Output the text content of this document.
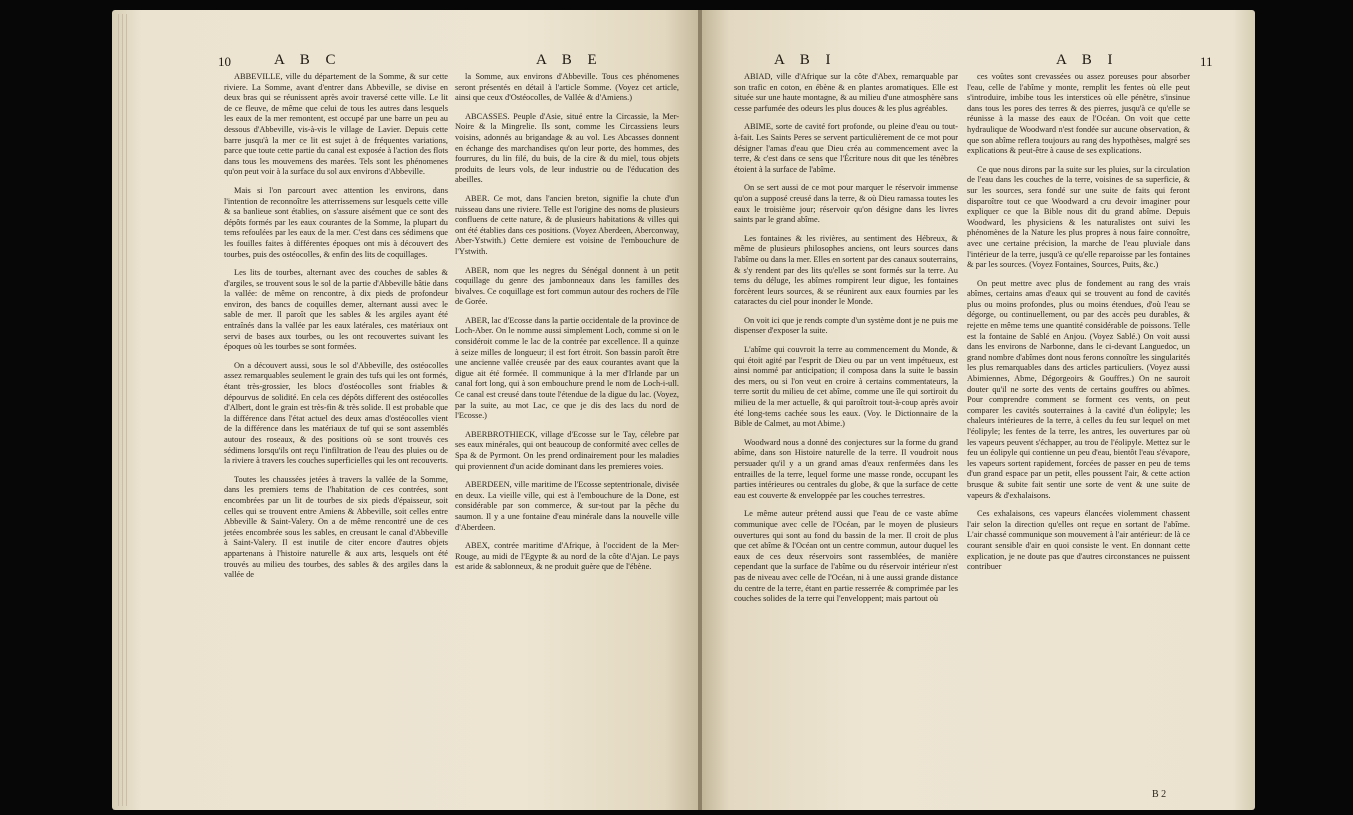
10	A B C	A B E

ABBEVILLE, ville du département de la Somme, & sur cette riviere. La Somme, avant d'entrer dans Abbeville, se divise en deux bras qui se réunissent après avoir traversé cette ville. Le lit de ce fleuve, de même que celui de tous les autres dans lesquels les eaux de la mer remontent, est occupé par une barre un peu au dessous d'Abbeville, vis-à-vis le village de Lavier. Depuis cette barre jusqu'à la mer ce lit est sujet à de fréquentes variations, parce que toute cette partie du canal est exposée à l'action des flots dans tous les mouvemens des marées. Tels sont les phénomenes qu'on peut voir à la surface du sol aux environs d'Abbeville.

Mais si l'on parcourt avec attention les environs, dans l'intention de reconnoître les atterrissemens sur lesquels cette ville & sa banlieue sont établies, on s'assure aisément que ce sont des dépôts formés par les eaux courantes de la Somme, la plupart du tems refoulées par les eaux de la mer. C'est dans ces sédimens que les fouilles faites à différentes époques ont mis à découvert des tourbes, puis des ostéocolles, & enfin des lits de coquillages.

Les lits de tourbes, alternant avec des couches de sables & d'argiles, se trouvent sous le sol de la partie d'Abbeville bâtie dans la vallée: de même on rencontre, à dix pieds de profondeur environ, des bancs de coquilles demer, alternant aussi avec le sable de mer. Il paroît que les sables & les argiles ayant été entraînés dans la vallée par les eaux latérales, ces matériaux ont servi de bases aux tourbes, ou les ont recouvertes suivant les époques où les tourbes se sont formées.

On a découvert aussi, sous le sol d'Abbeville, des ostéocolles assez remarquables seulement le grain des tufs qui les ont formés, étant très-grossier, les blocs d'ostéocolles sont friables & dépourvus de solidité. En cela ces dépôts different des ostéocolles d'Albert, dont le grain est très-fin & très solide. Il est probable que la différence dans l'état actuel des deux amas d'ostéocolles vient de la différence dans les matériaux de tuf qui se sont assemblés autour des roseaux, & des positions où se sont trouvés ces sédimens lorsqu'ils ont reçu l'infiltration de l'eau des pluies ou de la riviere à travers les couches superficielles qui les ont recouverts.

Toutes les chaussées jetées à travers la vallée de la Somme, dans les premiers tems de l'habitation de ces contrées, sont encombrées par un lit de tourbes de six pieds d'épaisseur, soit celles qui se trouvent entre Amiens & Abbeville, soit celles entre Abbeville & Saint-Valery. On a de même rencontré une de ces jetées encombrée sous les sables, en creusant le canal d'Abbeville à Saint-Valery. Il est inutile de citer encore d'autres objets appartenans à l'histoire naturelle & aux arts, lesquels ont été trouvés au milieu des tourbes, des sables & des argiles dans la vallée de

la Somme, aux environs d'Abbeville. Tous ces phénomenes seront présentés en détail à l'article Somme. (Voyez cet article, ainsi que ceux d'Ostéocolles, de Vallée & d'Amiens.)

ABCASSES. Peuple d'Asie, situé entre la Circassie, la Mer-Noire & la Mingrelie. Ils sont, comme les Circassiens leurs voisins, adonnés au brigandage & au vol. Les Abcasses donnent en échange des marchandises qu'on leur porte, des hommes, des fourrures, du lin filé, du buis, de la cire & du miel, tous objets produits de leurs vols, de leur industrie ou de l'éducation des abeilles.

ABER. Ce mot, dans l'ancien breton, signifie la chute d'un ruisseau dans une riviere. Telle est l'origine des noms de plusieurs confluens de cette nature, & de plusieurs habitations & villes qui ont été établies dans ces positions. (Voyez Aberdeen, Aberconway, Aber-Ystwith.) Cette derniere est voisine de l'embouchure de l'Ystwith.

ABER, nom que les negres du Sénégal donnent à un petit coquillage du genre des jambonneaux dans les familles des bivalves. Ce coquillage est fort commun autour des rochers de l'île de Gorée.

ABER, lac d'Ecosse dans la partie occidentale de la province de Loch-Aber. On le nomme aussi simplement Loch, comme si on le considéroit comme le lac de la contrée par excellence. Il a quinze à seize milles de longueur; il est fort étroit. Son bassin paroît être une ancienne vallée creusée par des eaux courantes avant que la digue ait été formée. Il communique à la mer d'Irlande par un canal fort long, qui à son embouchure prend le nom de Loch-i-ull. Ce canal est creusé dans toute l'étendue de la digue du lac. (Voyez, par la suite, au mot Lac, ce que je dis des lacs du nord de l'Ecosse.)

ABERBROTHIECK, village d'Ecosse sur le Tay, célebre par ses eaux minérales, qui ont beaucoup de conformité avec celles de Spa & de Pyrmont. On les prend ordinairement pour les maladies qui proviennent d'un acide dominant dans les premieres voies.

ABERDEEN, ville maritime de l'Ecosse septentrionale, divisée en deux. La vieille ville, qui est à l'embouchure de la Done, est considérable par son commerce, & sur-tout par la pêche du saumon. Il y a une fontaine d'eau minérale dans la nouvelle ville d'Aberdeen.

ABEX, contrée maritime d'Afrique, à l'occident de la Mer-Rouge, au midi de l'Egypte & au nord de la côte d'Ajan. Le pays est aride & sablonneux, & ne produit guère que de l'ébène.

A B I	A B I	11

ABIAD, ville d'Afrique sur la côte d'Abex, remarquable par son trafic en coton, en ébène & en plantes aromatiques. Elle est située sur une haute montagne, & au milieu d'une atmosphère sans cesse parfumée des odeurs les plus douces & les plus agréables.

ABIME, sorte de cavité fort profonde, ou pleine d'eau ou tout-à-fait. Les Saints Peres se servent particulièrement de ce mot pour désigner l'amas d'eau que Dieu créa au commencement avec la terre, & c'est dans ce sens que l'Écriture nous dit que les ténèbres étoient à la surface de l'abîme.

On se sert aussi de ce mot pour marquer le réservoir immense qu'on a supposé creusé dans la terre, & où Dieu ramassa toutes les eaux le troisième jour; réservoir qu'on désigne dans les livres saints par le grand abîme.

Les fontaines & les rivières, au sentiment des Hébreux, & même de plusieurs philosophes anciens, ont leurs sources dans l'abîme ou dans la mer. Elles en sortent par des canaux souterrains, & s'y rendent par des lits qu'elles se sont formés sur la terre. Au tems du déluge, les abîmes rompirent leur digue, les fontaines forcèrent leurs sources, & se réunirent aux eaux fournies par les cataractes du ciel pour inonder le Monde.

On voit ici que je rends compte d'un système dont je ne puis me dispenser d'exposer la suite.

L'abîme qui couvroit la terre au commencement du Monde, & qui étoit agité par l'esprit de Dieu ou par un vent impétueux, est ainsi nommé par anticipation; il composa dans la suite le bassin des mers, ou si l'on veut en croire à certains commentateurs, la terre sortit du milieu de cet abîme, comme une île qui sortiroit du milieu de la mer actuelle, & qui paroîtroit tout-à-coup après avoir été long-tems cachée sous les eaux. (Voy. le Dictionnaire de la Bible de Calmet, au mot Abime.)

Woodward nous a donné des conjectures sur la forme du grand abîme, dans son Histoire naturelle de la terre. Il voudroit nous persuader qu'il y a un grand amas d'eaux renfermées dans les entrailles de la terre, lequel forme une masse ronde, occupant les parties intérieures ou centrales du globe, & que la surface de cette eau est couverte & enveloppée par les couches terrestres.

Le même auteur prétend aussi que l'eau de ce vaste abîme communique avec celle de l'Océan, par le moyen de plusieurs ouvertures qui sont au fond du bassin de la mer. Il croit de plus que cet abîme & l'Océan ont un centre commun, autour duquel les eaux de ces deux réservoirs sont rassemblées, de manière cependant que la surface de l'abîme ou du réservoir intérieur n'est pas de niveau avec celle de l'Océan, ni à une aussi grande distance du centre de la terre, étant en partie resserrée & comprimée par les couches solides de la terre qui l'enveloppent; mais partout où

ces voûtes sont crevassées ou assez poreuses pour absorber l'eau, celle de l'abîme y monte, remplit les fentes où elle peut s'introduire, imbibe tous les interstices où elle pénètre, s'insinue dans tous les pores des terres & des pierres, jusqu'à ce qu'elle se réunisse à la masse des eaux de l'Océan. On voit que cette hydraulique de Woodward n'est fondée sur aucune observation, & que son abîme reflera toujours au rang des hypothèses, malgré ses explications & peut-être à cause de ses explications.

Ce que nous dirons par la suite sur les pluies, sur la circulation de l'eau dans les couches de la terre, voisines de sa superficie, & sur les sources, sera fondé sur une suite de faits qui feront disparoître tout ce que Woodward a cru devoir imaginer pour expliquer ce que la Bible nous dit du grand abîme. Depuis Woodward, les physiciens & les naturalistes ont suivi les phénomènes de la Nature les plus propres à nous faire connoître, avec une certaine précision, la marche de l'eau pluviale dans l'intérieur de la terre, jusqu'à ce qu'elle reparoisse par les fontaines & par les sources. (Voyez Fontaines, Sources, Puits, &c.)

On peut mettre avec plus de fondement au rang des vrais abîmes, certains amas d'eaux qui se trouvent au fond de cavités plus ou moins profondes, plus ou moins étendues, d'où l'eau se dégorge, ou continuellement, ou par des accès peu durables, & rejette en même tems une quantité considérable de poissons. Telle est la fontaine de Sablé en Anjou. (Voyez Sablé.) On voit aussi dans les environs de Narbonne, dans le ci-devant Languedoc, un grand nombre d'abîmes dont nous ferons connoître les singularités les plus remarquables dans des articles particuliers. (Voyez aussi Abimiennes, Abme, Dégorgeoirs & Gouffres.) On ne sauroit douter qu'il ne sorte des vents de certains gouffres ou abîmes. Pour comprendre comment se forment ces vents, on peut comparer les cavités souterraines à la cavité d'un éolipyle; les chaleurs intérieures de la terre, à celles du feu sur lequel on met l'éolipyle; les fentes de la terre, les antres, les ouvertures par où les vapeurs peuvent s'échapper, au trou de l'éolipyle. Mettez sur le feu un éolipyle qui contienne un peu d'eau, bientôt l'eau s'évapore, les vapeurs sortent rapidement, forcées de passer en peu de tems d'un grand espace par un petit, elles poussent l'air, & cette action brusque & subite fait sentir une sorte de vent & une suite de vapeurs & d'exhalaisons.

Ces exhalaisons, ces vapeurs élancées violemment chassent l'air selon la direction qu'elles ont reçue en sortant de l'abîme. L'air chassé communique son mouvement à l'air antérieur: de là ce courant sensible d'air en quoi consiste le vent. En donnant cette explication, je ne doute pas que d'autres circonstances ne puissent contribuer

B 2
